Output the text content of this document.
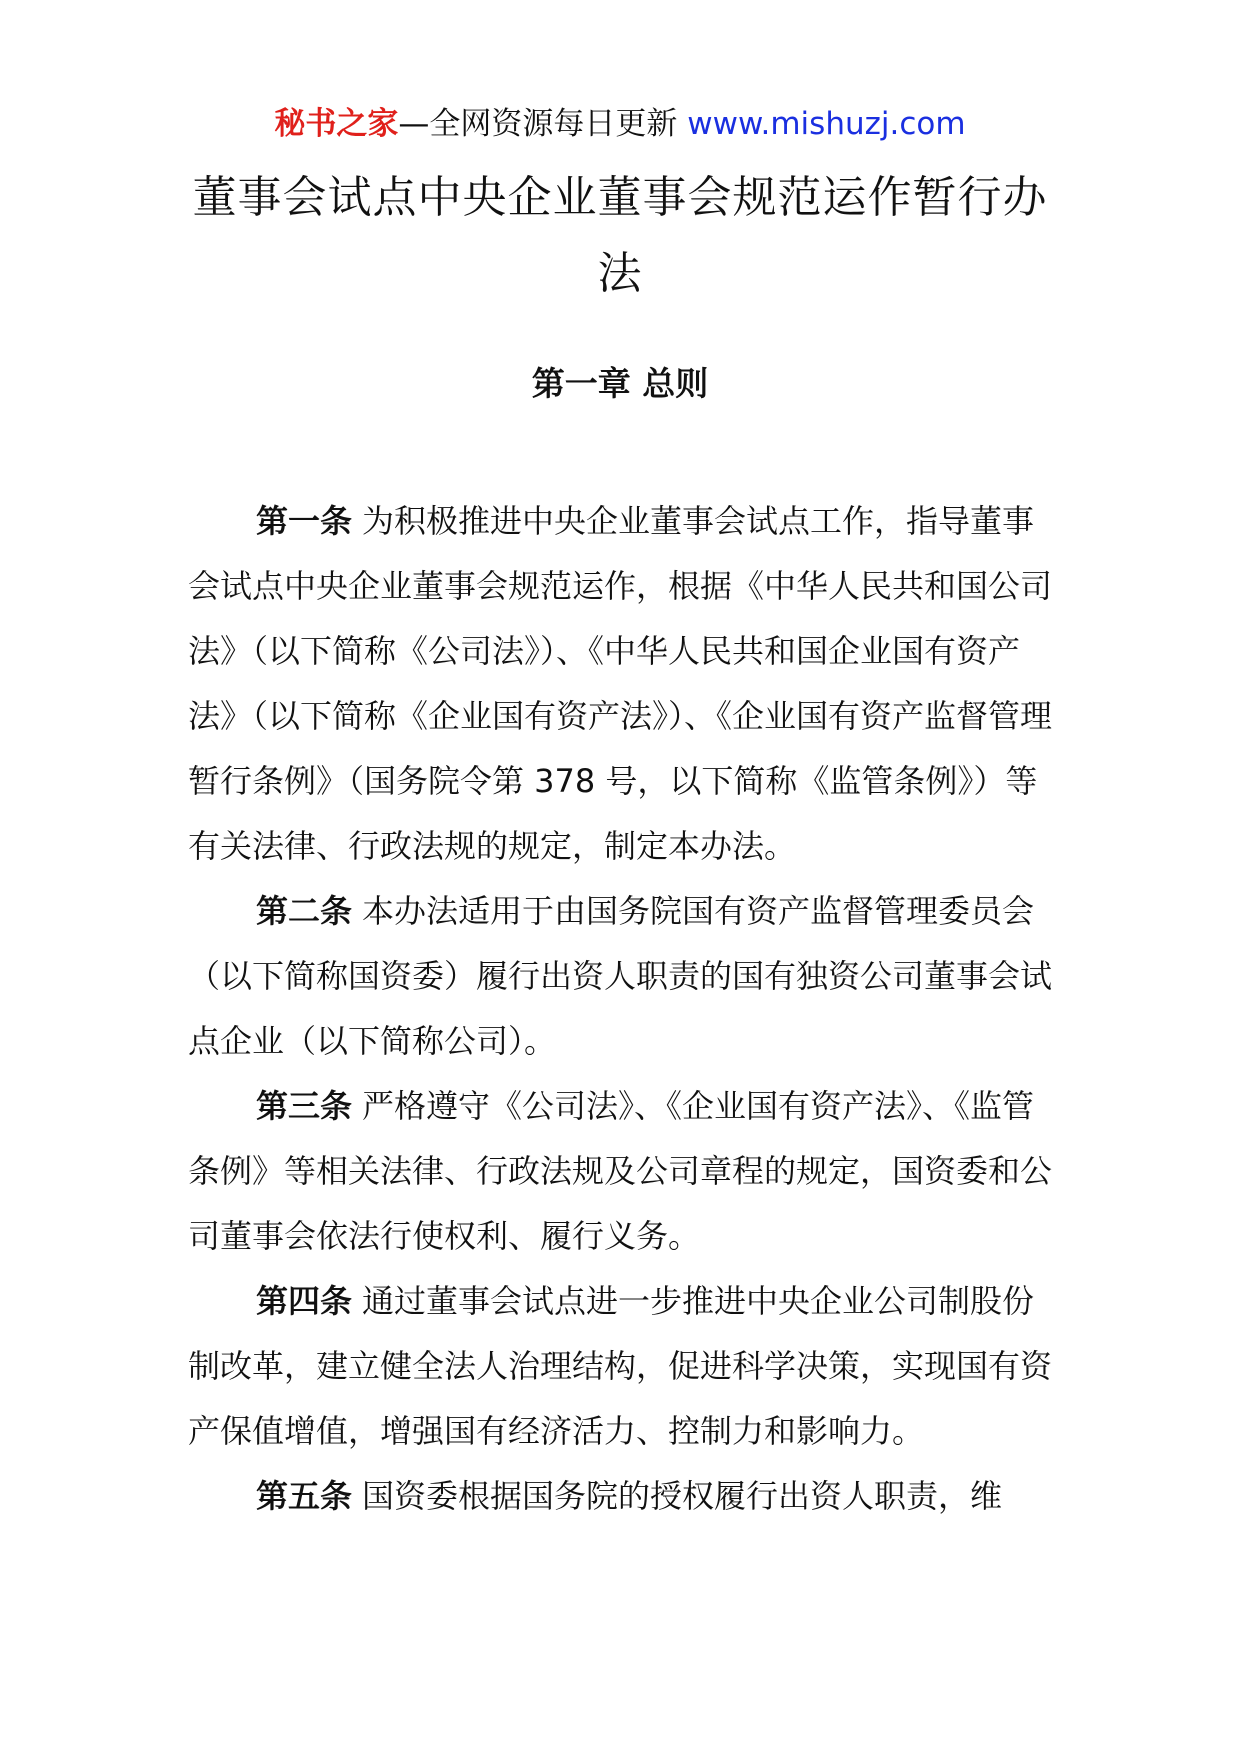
秘书之家—全网资源每日更新 www.mishuzj.com
董事会试点中央企业董事会规范运作暂行办法
第一章 总则

第一条 为积极推进中央企业董事会试点工作，指导董事会试点中央企业董事会规范运作，根据《中华人民共和国公司法》（以下简称《公司法》）、《中华人民共和国企业国有资产法》（以下简称《企业国有资产法》）、《企业国有资产监督管理暂行条例》（国务院令第 378 号，以下简称《监管条例》）等有关法律、行政法规的规定，制定本办法。

第二条 本办法适用于由国务院国有资产监督管理委员会（以下简称国资委）履行出资人职责的国有独资公司董事会试点企业（以下简称公司）。

第三条 严格遵守《公司法》、《企业国有资产法》、《监管条例》等相关法律、行政法规及公司章程的规定，国资委和公司董事会依法行使权利、履行义务。

第四条 通过董事会试点进一步推进中央企业公司制股份制改革，建立健全法人治理结构，促进科学决策，实现国有资产保值增值，增强国有经济活力、控制力和影响力。

第五条 国资委根据国务院的授权履行出资人职责，维
